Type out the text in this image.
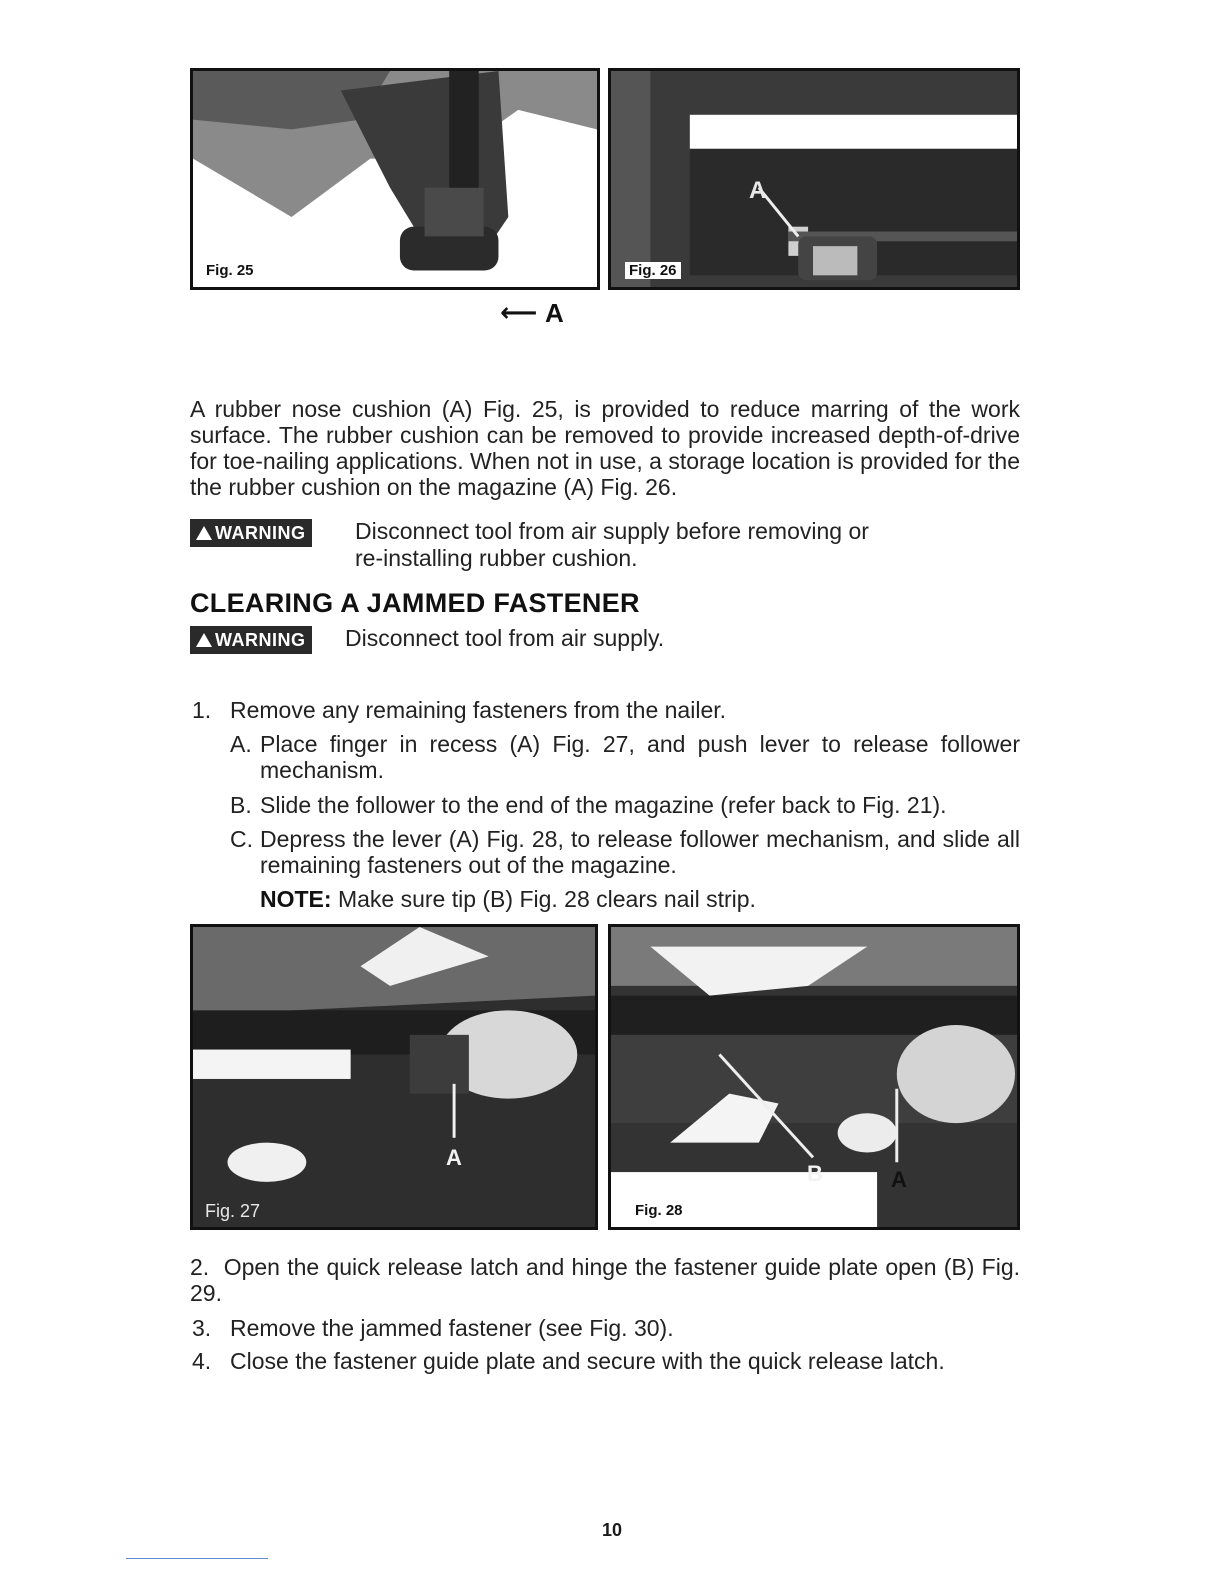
⟵ A
Fig. 25
A
Fig. 26
A rubber nose cushion (A) Fig. 25, is provided to reduce marring of the work surface. The rubber cushion can be removed to provide increased depth-of-drive for toe-nailing applications. When not in use, a storage location is provided for the the rubber cushion on the magazine (A) Fig. 26.
WARNING Disconnect tool from air supply before removing or
re-installing rubber cushion.
CLEARING A JAMMED FASTENER
WARNING Disconnect tool from air supply.
1. Remove any remaining fasteners from the nailer.
A. Place finger in recess (A) Fig. 27, and push lever to release follower mechanism.
B. Slide the follower to the end of the magazine (refer back to Fig. 21).
C. Depress the lever (A) Fig. 28, to release follower mechanism, and slide all remaining fasteners out of the magazine.
NOTE: Make sure tip (B) Fig. 28 clears nail strip.
A
Fig. 27
B	A
Fig. 28
2. Open the quick release latch and hinge the fastener guide plate open (B) Fig. 29.
3. Remove the jammed fastener (see Fig. 30).
4. Close the fastener guide plate and secure with the quick release latch.
10
